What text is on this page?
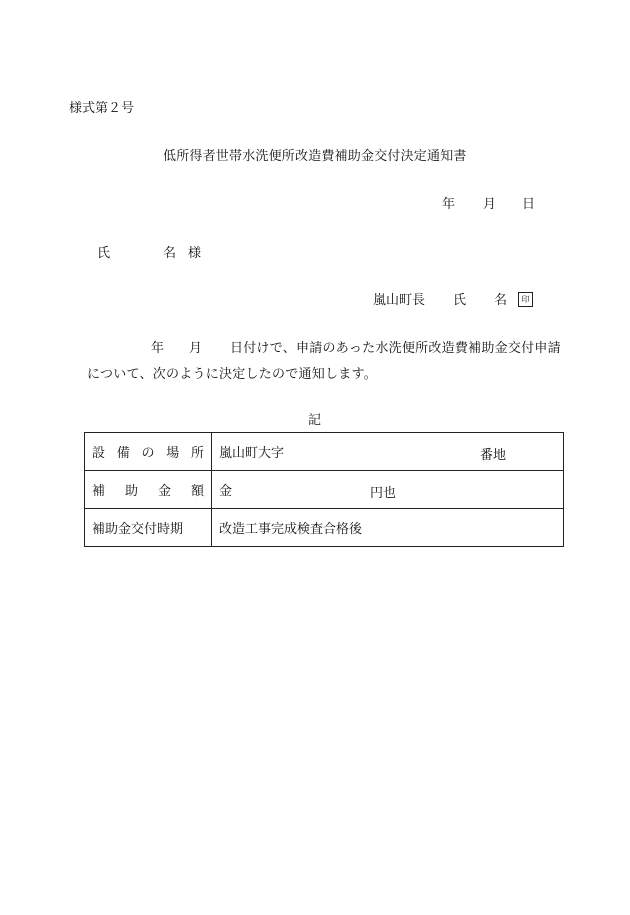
様式第２号
低所得者世帯水洗便所改造費補助金交付決定通知書
年 月 日
氏	名 様
嵐山町長 氏 名	印
年 月 日付けで、申請のあった水洗便所改造費補助金交付申請
について、次のように決定したので通知します。
記
設 備 の 場 所	嵐山町大字 番地

補 助 金 額	金 円也

補助金交付時期	改造工事完成検査合格後
